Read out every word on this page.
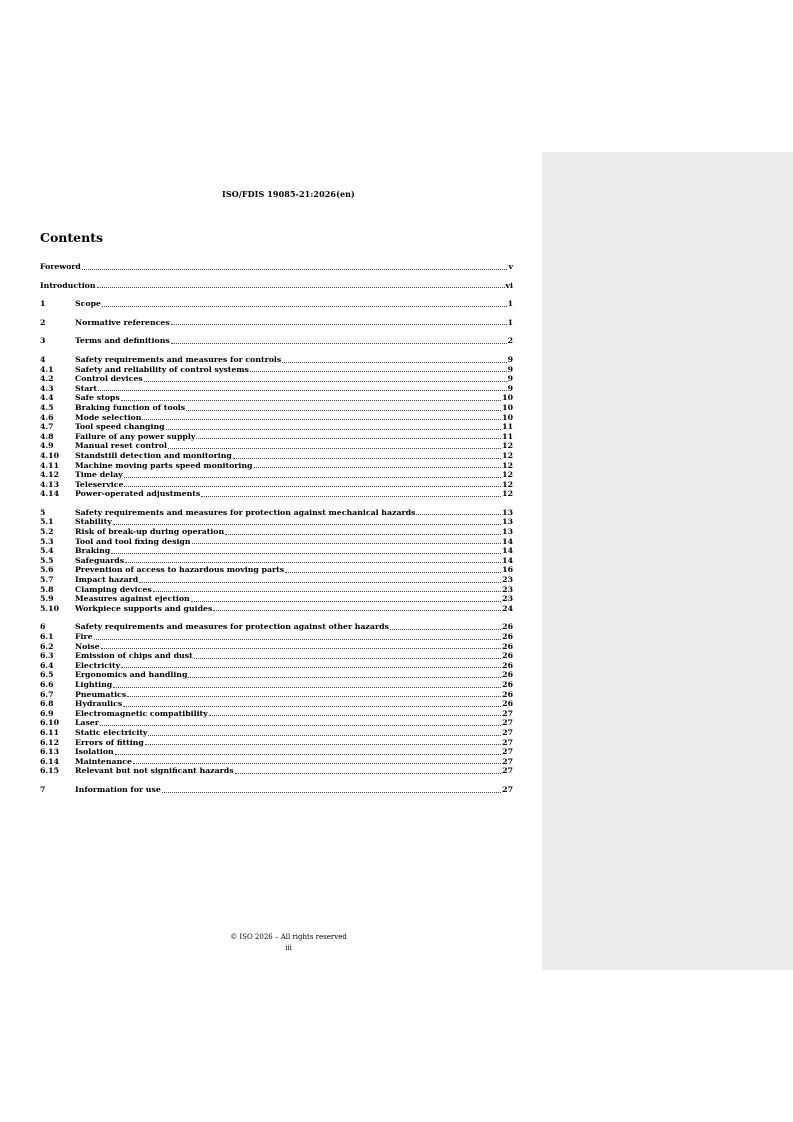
ISO/FDIS 19085-21:2026(en)
Contents
Foreword	v
Introduction	vi
1	Scope	1
2	Normative references	1
3	Terms and definitions	2
4	Safety requirements and measures for controls	9
4.1	Safety and reliability of control systems	9
4.2	Control devices	9
4.3	Start	9
4.4	Safe stops	10
4.5	Braking function of tools	10
4.6	Mode selection	10
4.7	Tool speed changing	11
4.8	Failure of any power supply	11
4.9	Manual reset control	12
4.10	Standstill detection and monitoring	12
4.11	Machine moving parts speed monitoring	12
4.12	Time delay	12
4.13	Teleservice	12
4.14	Power-operated adjustments	12
5	Safety requirements and measures for protection against mechanical hazards	13
5.1	Stability	13
5.2	Risk of break-up during operation	13
5.3	Tool and tool fixing design	14
5.4	Braking	14
5.5	Safeguards	14
5.6	Prevention of access to hazardous moving parts	16
5.7	Impact hazard	23
5.8	Clamping devices	23
5.9	Measures against ejection	23
5.10	Workpiece supports and guides	24
6	Safety requirements and measures for protection against other hazards	26
6.1	Fire	26
6.2	Noise	26
6.3	Emission of chips and dust	26
6.4	Electricity	26
6.5	Ergonomics and handling	26
6.6	Lighting	26
6.7	Pneumatics	26
6.8	Hydraulics	26
6.9	Electromagnetic compatibility	27
6.10	Laser	27
6.11	Static electricity	27
6.12	Errors of fitting	27
6.13	Isolation	27
6.14	Maintenance	27
6.15	Relevant but not significant hazards	27
7	Information for use	27
© ISO 2026 – All rights reserved
iii
